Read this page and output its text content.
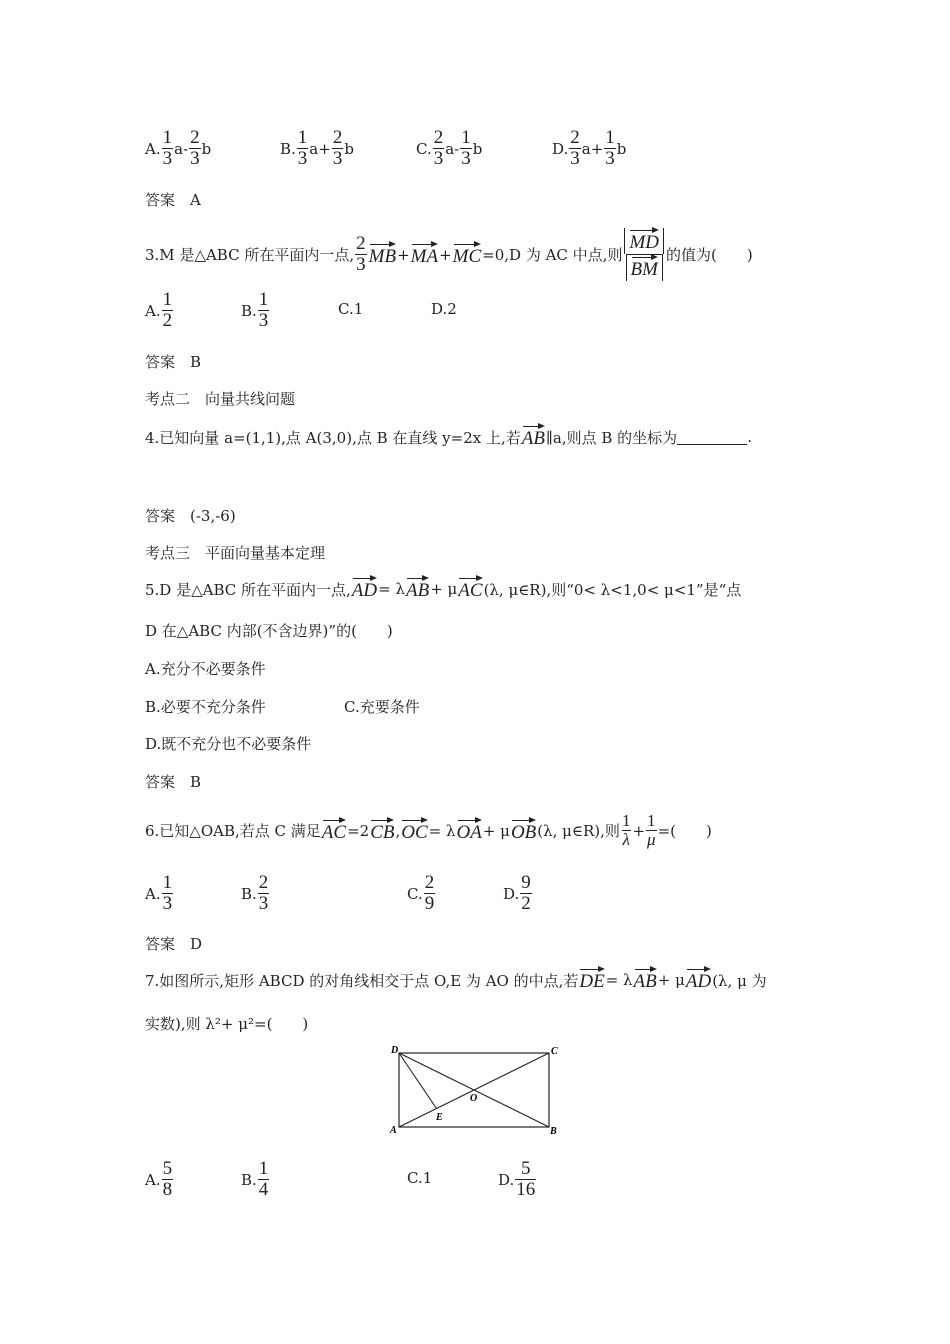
A. $\frac{1}{3}$ a - $\frac{2}{3}$ b	B. $\frac{1}{3}$ $a + \frac{2}{3}$ b	C. $\frac{2}{3}$ a - $\frac{1}{3}$ b	D. $\frac{2}{3}$ $a + \frac{1}{3}$ b
答案　A
3.M 是△ABC 所在平面内一点, $\frac{2}{3}$ MB + MA + MC =0,D 为 AC 中点,则 $\frac{MD}{BM}$ 的值为(　　)
A. $\frac{1}{2}$	B. $\frac{1}{3}$	C. 1	D. 2
答案　B
考点二　向量共线问题
4.已知向量 a=(1,1),点 A(3,0),点 B 在直线 y=2x 上,若 AB ∥a,则点 B 的坐标为	.
答案　(-3,-6)
考点三　平面向量基本定理
5.D 是△ABC 所在平面内一点, AD = λ AB + μ AC (λ, μ∈R),则“0< λ<1,0< μ<1”是“点
D 在△ABC 内部(不含边界)”的(　　)
A.充分不必要条件
B.必要不充分条件	C.充要条件
D.既不充分也不必要条件
答案　B
6.已知△OAB,若点 C 满足 AC =2 CB , OC = λ OA + μ OB (λ, μ∈R),则 $\frac{1}{\lambda} + \frac{1}{\mu}$ =(　　)
A. $\frac{1}{3}$	B. $\frac{2}{3}$	C. $\frac{2}{9}$	D. $\frac{9}{2}$
答案　D
7.如图所示,矩形 ABCD 的对角线相交于点 O,E 为 AO 的中点,若 DE = λ AB + μ AD (λ, μ 为
实数),则 λ²+ μ²=(　　)
D	C
A	B
O
E
A. $\frac{5}{8}$	B. $\frac{1}{4}$	C. 1	D. $\frac{5}{16}$
